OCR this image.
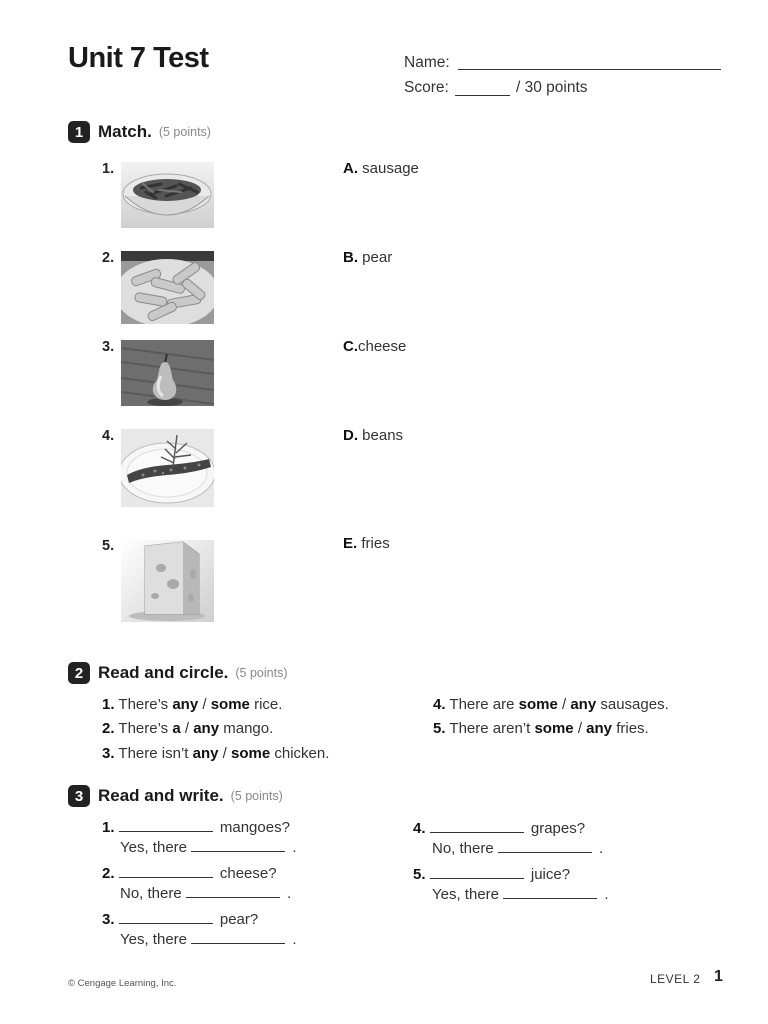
Unit 7 Test	Name:
Score:	/ 30 points
1 Match. (5 points)
1.
2.
3.
4.
5.
A. sausage
B. pear
C.cheese
D. beans
E. fries
2 Read and circle. (5 points)
1. There’s any / some rice.
2. There’s a / any mango.
3. There isn’t any / some chicken.
4. There are some / any sausages.
5. There aren’t some / any fries.
3 Read and write. (5 points)
1.	mangoes?
Yes, there	.
2.	cheese?
No, there	.
3.	pear?
Yes, there	.
4.	grapes?
No, there	.
5.	juice?
Yes, there	.
© Cengage Learning, Inc.	LEVEL 2 1
